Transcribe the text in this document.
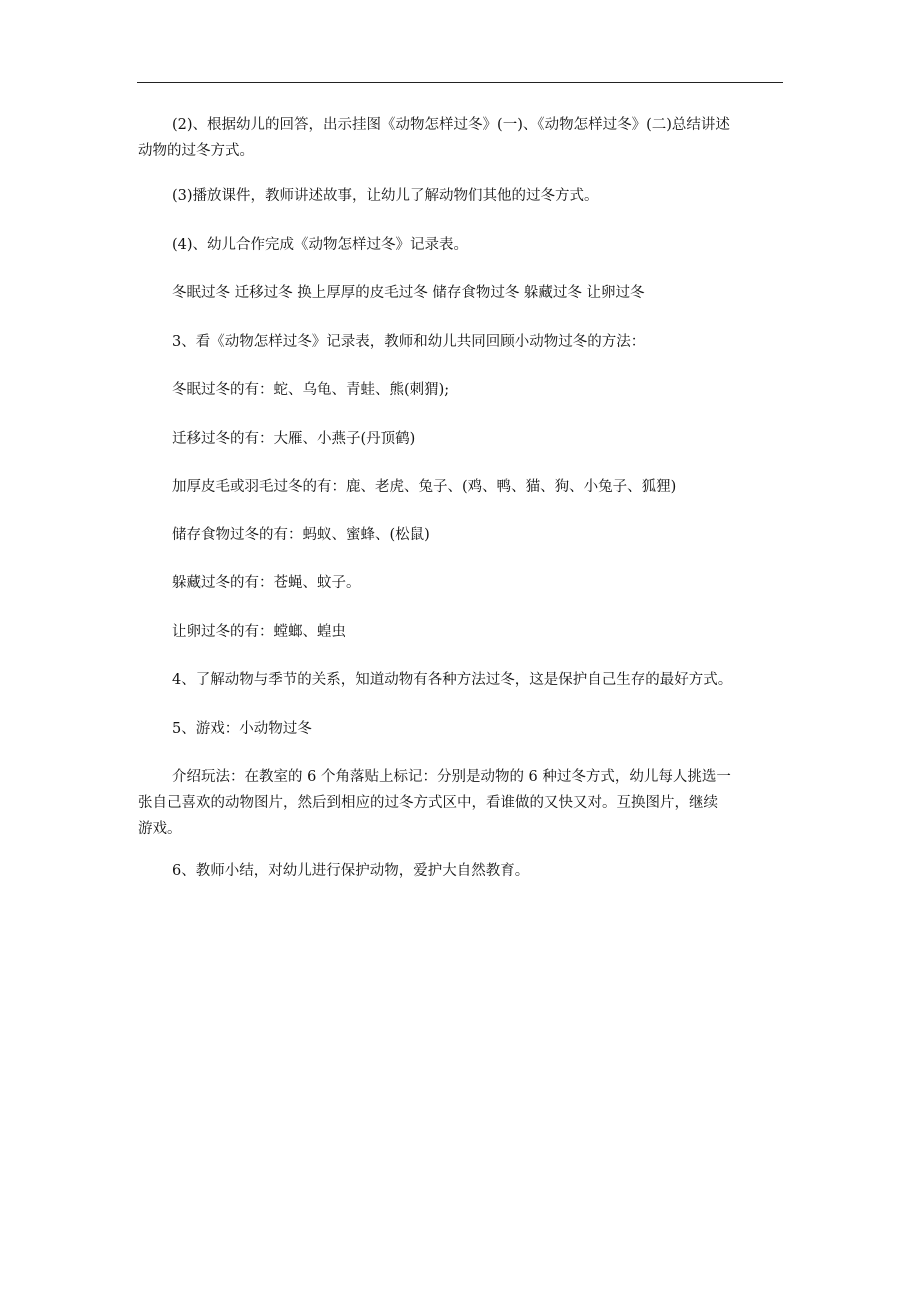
(2)、根据幼儿的回答，出示挂图《动物怎样过冬》(一)、《动物怎样过冬》(二)总结讲述
动物的过冬方式。

(3)播放课件，教师讲述故事，让幼儿了解动物们其他的过冬方式。

(4)、幼儿合作完成《动物怎样过冬》记录表。

冬眠过冬 迁移过冬 换上厚厚的皮毛过冬 储存食物过冬 躲藏过冬 让卵过冬

3、看《动物怎样过冬》记录表，教师和幼儿共同回顾小动物过冬的方法：

冬眠过冬的有：蛇、乌龟、青蛙、熊(刺猬);

迁移过冬的有：大雁、小燕子(丹顶鹤)

加厚皮毛或羽毛过冬的有：鹿、老虎、兔子、(鸡、鸭、猫、狗、小兔子、狐狸)

储存食物过冬的有：蚂蚁、蜜蜂、(松鼠)

躲藏过冬的有：苍蝇、蚊子。

让卵过冬的有：螳螂、蝗虫

4、了解动物与季节的关系，知道动物有各种方法过冬，这是保护自己生存的最好方式。

5、游戏：小动物过冬

介绍玩法：在教室的 6 个角落贴上标记：分别是动物的 6 种过冬方式，幼儿每人挑选一
张自己喜欢的动物图片，然后到相应的过冬方式区中，看谁做的又快又对。互换图片，继续
游戏。

6、教师小结，对幼儿进行保护动物，爱护大自然教育。
